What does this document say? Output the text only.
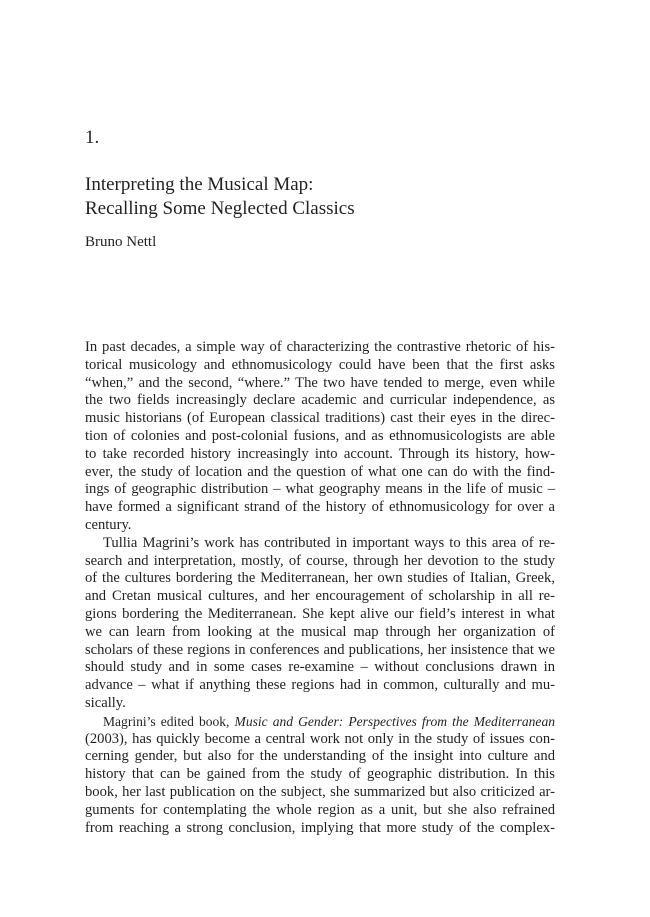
1.
Interpreting the Musical Map:
Recalling Some Neglected Classics
Bruno Nettl
In past decades, a simple way of characterizing the contrastive rhetoric of his-
torical musicology and ethnomusicology could have been that the first asks
“when,” and the second, “where.” The two have tended to merge, even while
the two fields increasingly declare academic and curricular independence, as
music historians (of European classical traditions) cast their eyes in the direc-
tion of colonies and post-colonial fusions, and as ethnomusicologists are able
to take recorded history increasingly into account. Through its history, how-
ever, the study of location and the question of what one can do with the find-
ings of geographic distribution – what geography means in the life of music –
have formed a significant strand of the history of ethnomusicology for over a
century.
Tullia Magrini’s work has contributed in important ways to this area of re-
search and interpretation, mostly, of course, through her devotion to the study
of the cultures bordering the Mediterranean, her own studies of Italian, Greek,
and Cretan musical cultures, and her encouragement of scholarship in all re-
gions bordering the Mediterranean. She kept alive our field’s interest in what
we can learn from looking at the musical map through her organization of
scholars of these regions in conferences and publications, her insistence that we
should study and in some cases re-examine – without conclusions drawn in
advance – what if anything these regions had in common, culturally and mu-
sically.
Magrini’s edited book, Music and Gender: Perspectives from the Mediterranean
(2003), has quickly become a central work not only in the study of issues con-
cerning gender, but also for the understanding of the insight into culture and
history that can be gained from the study of geographic distribution. In this
book, her last publication on the subject, she summarized but also criticized ar-
guments for contemplating the whole region as a unit, but she also refrained
from reaching a strong conclusion, implying that more study of the complex-
